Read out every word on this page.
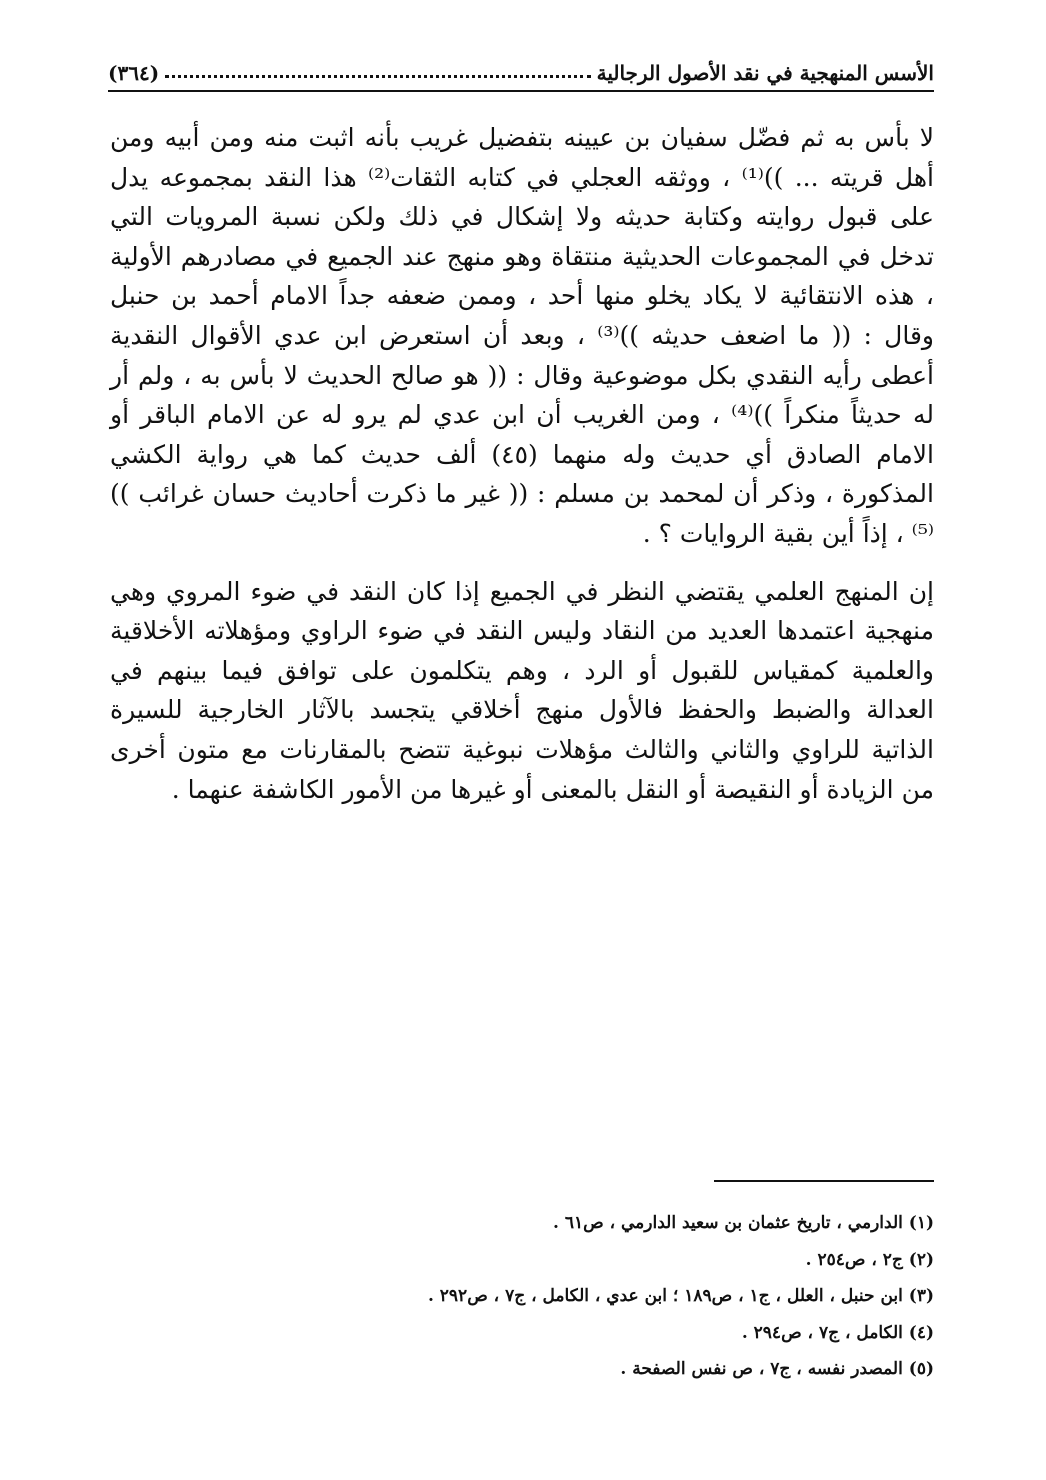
الأسس المنهجية في نقد الأصول الرجالية
(٣٦٤)

لا بأس به ثم فضّل سفيان بن عيينه بتفضيل غريب بأنه اثبت منه ومن أبيه ومن أهل قريته ... ))⁽¹⁾ ، ووثقه العجلي في كتابه الثقات⁽²⁾ هذا النقد بمجموعه يدل على قبول روايته وكتابة حديثه ولا إشكال في ذلك ولكن نسبة المرويات التي تدخل في المجموعات الحديثية منتقاة وهو منهج عند الجميع في مصادرهم الأولية ، هذه الانتقائية لا يكاد يخلو منها أحد ، وممن ضعفه جداً الامام أحمد بن حنبل وقال : (( ما اضعف حديثه ))⁽³⁾ ، وبعد أن استعرض ابن عدي الأقوال النقدية أعطى رأيه النقدي بكل موضوعية وقال : (( هو صالح الحديث لا بأس به ، ولم أر له حديثاً منكراً ))⁽⁴⁾ ، ومن الغريب أن ابن عدي لم يرو له عن الامام الباقر أو الامام الصادق أي حديث وله منهما (٤٥) ألف حديث كما هي رواية الكشي المذكورة ، وذكر أن لمحمد بن مسلم : (( غير ما ذكرت أحاديث حسان غرائب ))⁽⁵⁾ ، إذاً أين بقية الروايات ؟ .

إن المنهج العلمي يقتضي النظر في الجميع إذا كان النقد في ضوء المروي وهي منهجية اعتمدها العديد من النقاد وليس النقد في ضوء الراوي ومؤهلاته الأخلاقية والعلمية كمقياس للقبول أو الرد ، وهم يتكلمون على توافق فيما بينهم في العدالة والضبط والحفظ فالأول منهج أخلاقي يتجسد بالآثار الخارجية للسيرة الذاتية للراوي والثاني والثالث مؤهلات نبوغية تتضح بالمقارنات مع متون أخرى من الزيادة أو النقيصة أو النقل بالمعنى أو غيرها من الأمور الكاشفة عنهما .

(١) الدارمي ، تاريخ عثمان بن سعيد الدارمي ، ص٦١ .

(٢) ج٢ ، ص٢٥٤ .

(٣) ابن حنبل ، العلل ، ج١ ، ص١٨٩ ؛ ابن عدي ، الكامل ، ج٧ ، ص٢٩٢ .

(٤) الكامل ، ج٧ ، ص٢٩٤ .

(٥) المصدر نفسه ، ج٧ ، ص نفس الصفحة .
